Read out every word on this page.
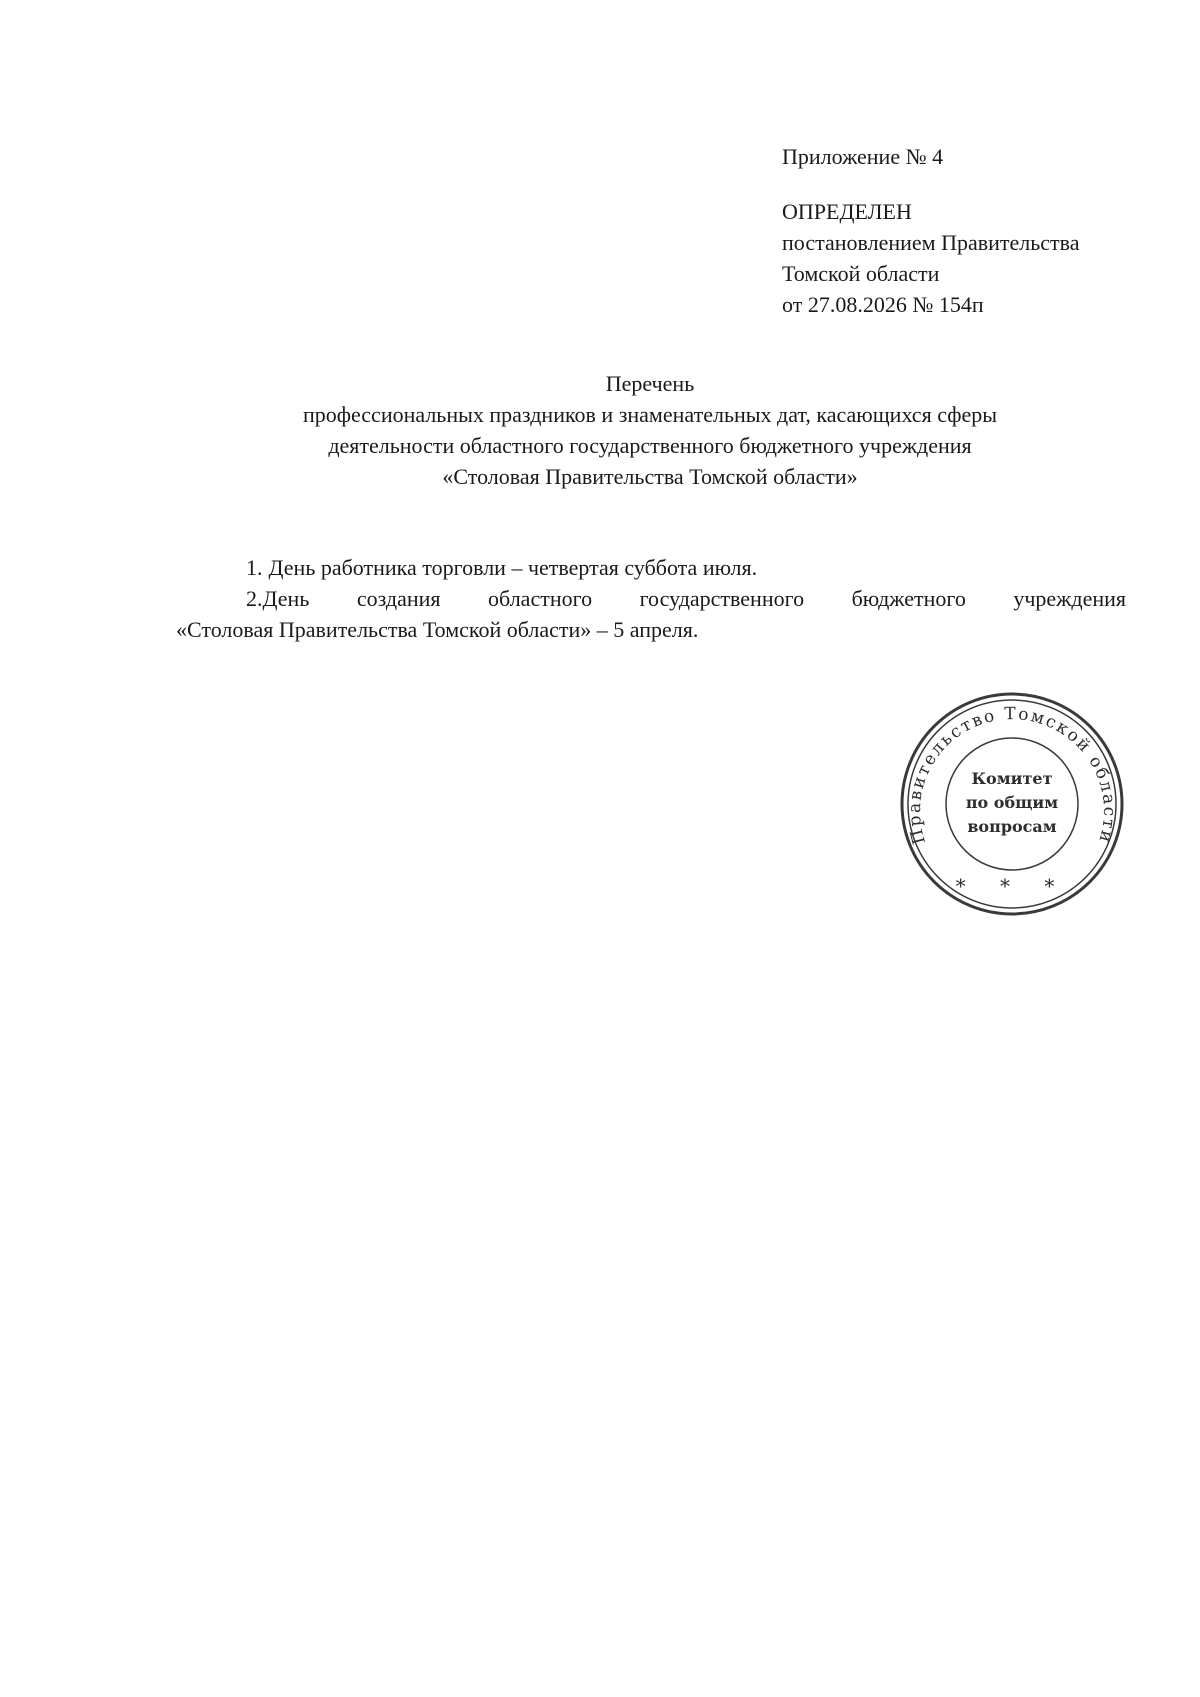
Приложение № 4
ОПРЕДЕЛЕН
постановлением Правительства
Томской области
от 27.08.2026 № 154п
Перечень
профессиональных праздников и знаменательных дат, касающихся сферы
деятельности областного государственного бюджетного учреждения
«Столовая Правительства Томской области»
1. День работника торговли – четвертая суббота июля.
2.День создания областного государственного бюджетного учреждения
«Столовая Правительства Томской области» – 5 апреля.
Правительство Томской области
Комитет
по общим
вопросам
* * *
